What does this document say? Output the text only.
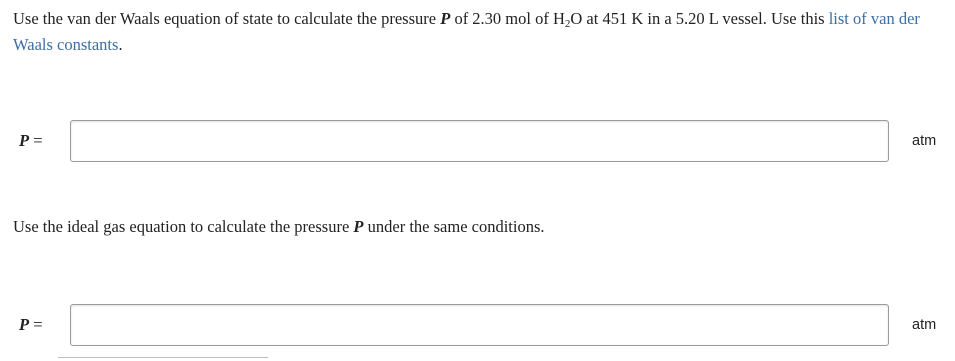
Use the van der Waals equation of state to calculate the pressure P of 2.30 mol of $H_2O$ at 451 K in a 5.20 L vessel. Use this list of van der Waals constants.
P =	atm
Use the ideal gas equation to calculate the pressure P under the same conditions.
P =	atm
